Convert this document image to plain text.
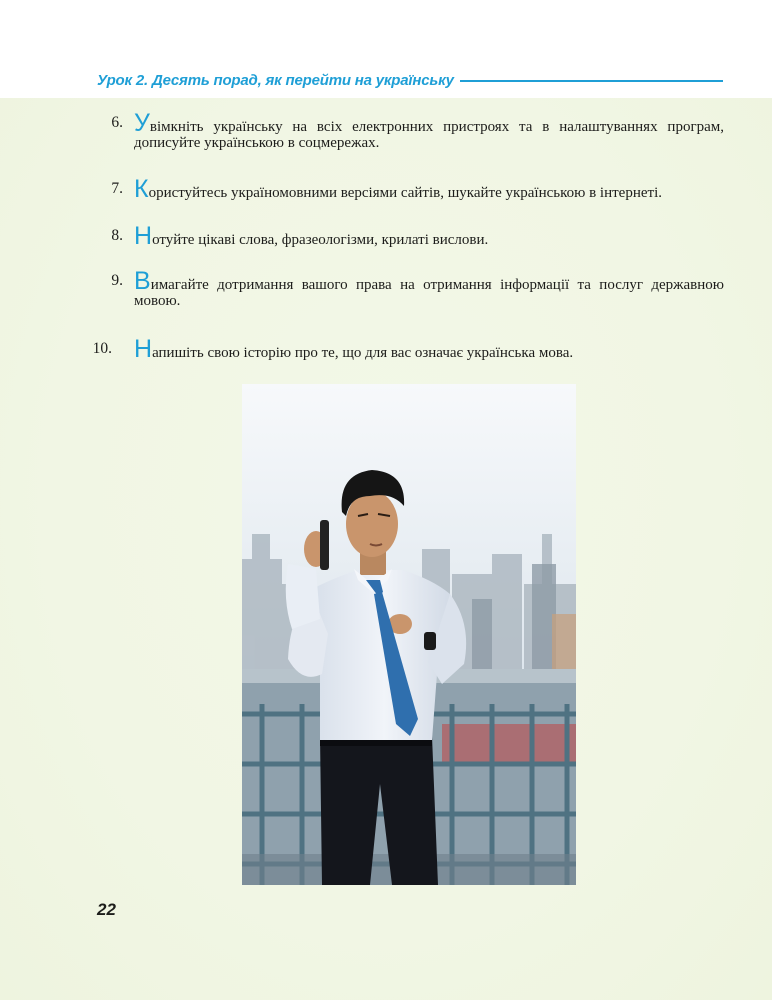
Урок 2. Десять порад, як перейти на українську
6. Увімкніть українську на всіх електронних пристроях та в налаштуваннях програм,
дописуйте українською в соцмережах.
7. Користуйтесь україномовними версіями сайтів, шукайте українською в інтернеті.
8. Нотуйте цікаві слова, фразеологізми, крилаті вислови.
9. Вимагайте дотримання вашого права на отримання інформації та послуг державною
мовою.
10. Напишіть свою історію про те, що для вас означає українська мова.
22
